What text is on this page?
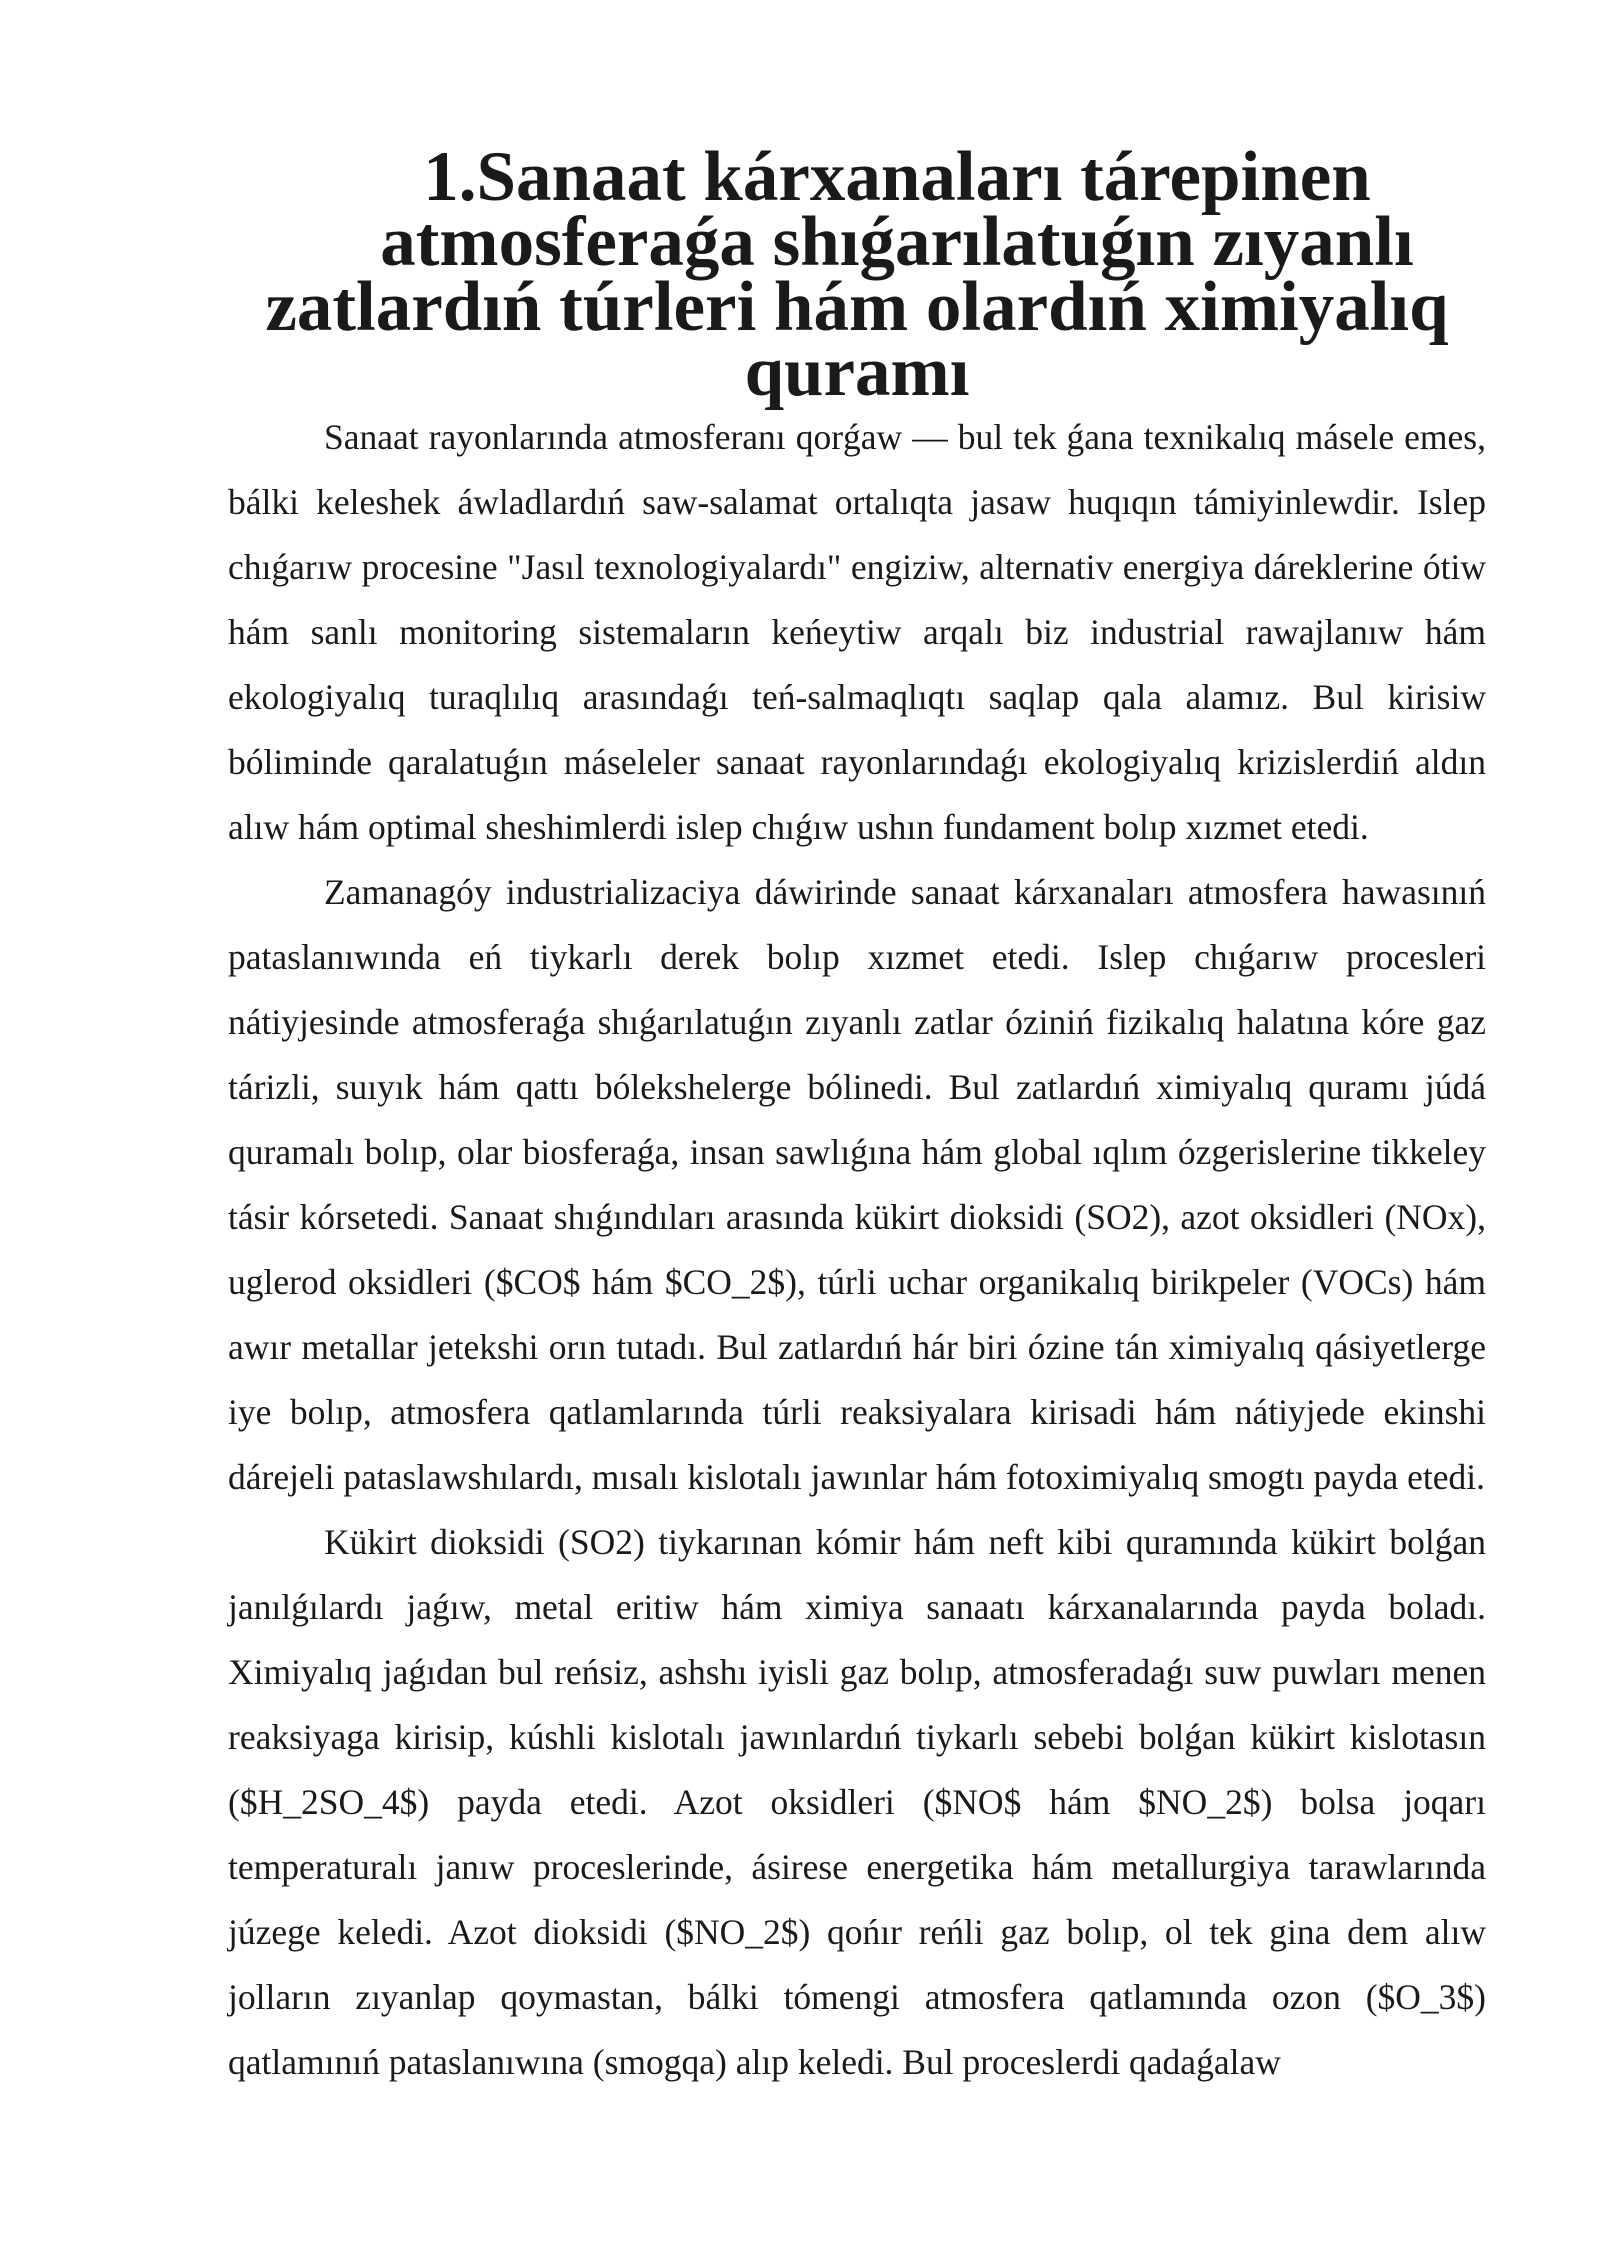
1.Sanaat kárxanaları tárepinen atmosferaǵa shıǵarılatuǵın zıyanlı
zatlardıń túrleri hám olardıń ximiyalıq quramı

Sanaat rayonlarında atmosferanı qorǵaw — bul tek ǵana texnikalıq másele emes, bálki keleshek áwladlardıń saw-salamat ortalıqta jasaw huqıqın támiyinlewdir. Islep chıǵarıw procesine "Jasıl texnologiyalardı" engiziw, alternativ energiya dáreklerine ótiw hám sanlı monitoring sistemaların keńeytiw arqalı biz industrial rawajlanıw hám ekologiyalıq turaqlılıq arasındaǵı teń-salmaqlıqtı saqlap qala alamız. Bul kirisiw bóliminde qaralatuǵın máseleler sanaat rayonlarındaǵı ekologiyalıq krizislerdiń aldın alıw hám optimal sheshimlerdi islep chıǵıw ushın fundament bolıp xızmet etedi.

Zamanagóy industrializaciya dáwirinde sanaat kárxanaları atmosfera hawasınıń pataslanıwında eń tiykarlı derek bolıp xızmet etedi. Islep chıǵarıw procesleri nátiyjesinde atmosferaǵa shıǵarılatuǵın zıyanlı zatlar óziniń fizikalıq halatına kóre gaz tárizli, suıyık hám qattı bólekshelerge bólinedi. Bul zatlardıń ximiyalıq quramı júdá quramalı bolıp, olar biosferaǵa, insan sawlıǵına hám global ıqlım ózgerislerine tikkeley tásir kórsetedi. Sanaat shıǵındıları arasında kükirt dioksidi (SO2), azot oksidleri (NOx), uglerod oksidleri ($CO$ hám $CO_2$), túrli uchar organikalıq birikpeler (VOCs) hám awır metallar jetekshi orın tutadı. Bul zatlardıń hár biri ózine tán ximiyalıq qásiyetlerge iye bolıp, atmosfera qatlamlarında túrli reaksiyalara kirisadi hám nátiyjede ekinshi dárejeli pataslawshılardı, mısalı kislotalı jawınlar hám fotoximiyalıq smogtı payda etedi.

Kükirt dioksidi (SO2) tiykarınan kómir hám neft kibi quramında kükirt bolǵan janılǵılardı jaǵıw, metal eritiw hám ximiya sanaatı kárxanalarında payda boladı. Ximiyalıq jaǵıdan bul reńsiz, ashshı iyisli gaz bolıp, atmosferadaǵı suw puwları menen reaksiyaga kirisip, kúshli kislotalı jawınlardıń tiykarlı sebebi bolǵan kükirt kislotasın ($H_2SO_4$) payda etedi. Azot oksidleri ($NO$ hám $NO_2$) bolsa joqarı temperaturalı janıw proceslerinde, ásirese energetika hám metallurgiya tarawlarında júzege keledi. Azot dioksidi ($NO_2$) qońır reńli gaz bolıp, ol tek gina dem alıw jolların zıyanlap qoymastan, bálki tómengi atmosfera qatlamında ozon ($O_3$) qatlamınıń pataslanıwına (smogqa) alıp keledi. Bul proceslerdi qadaǵalaw
